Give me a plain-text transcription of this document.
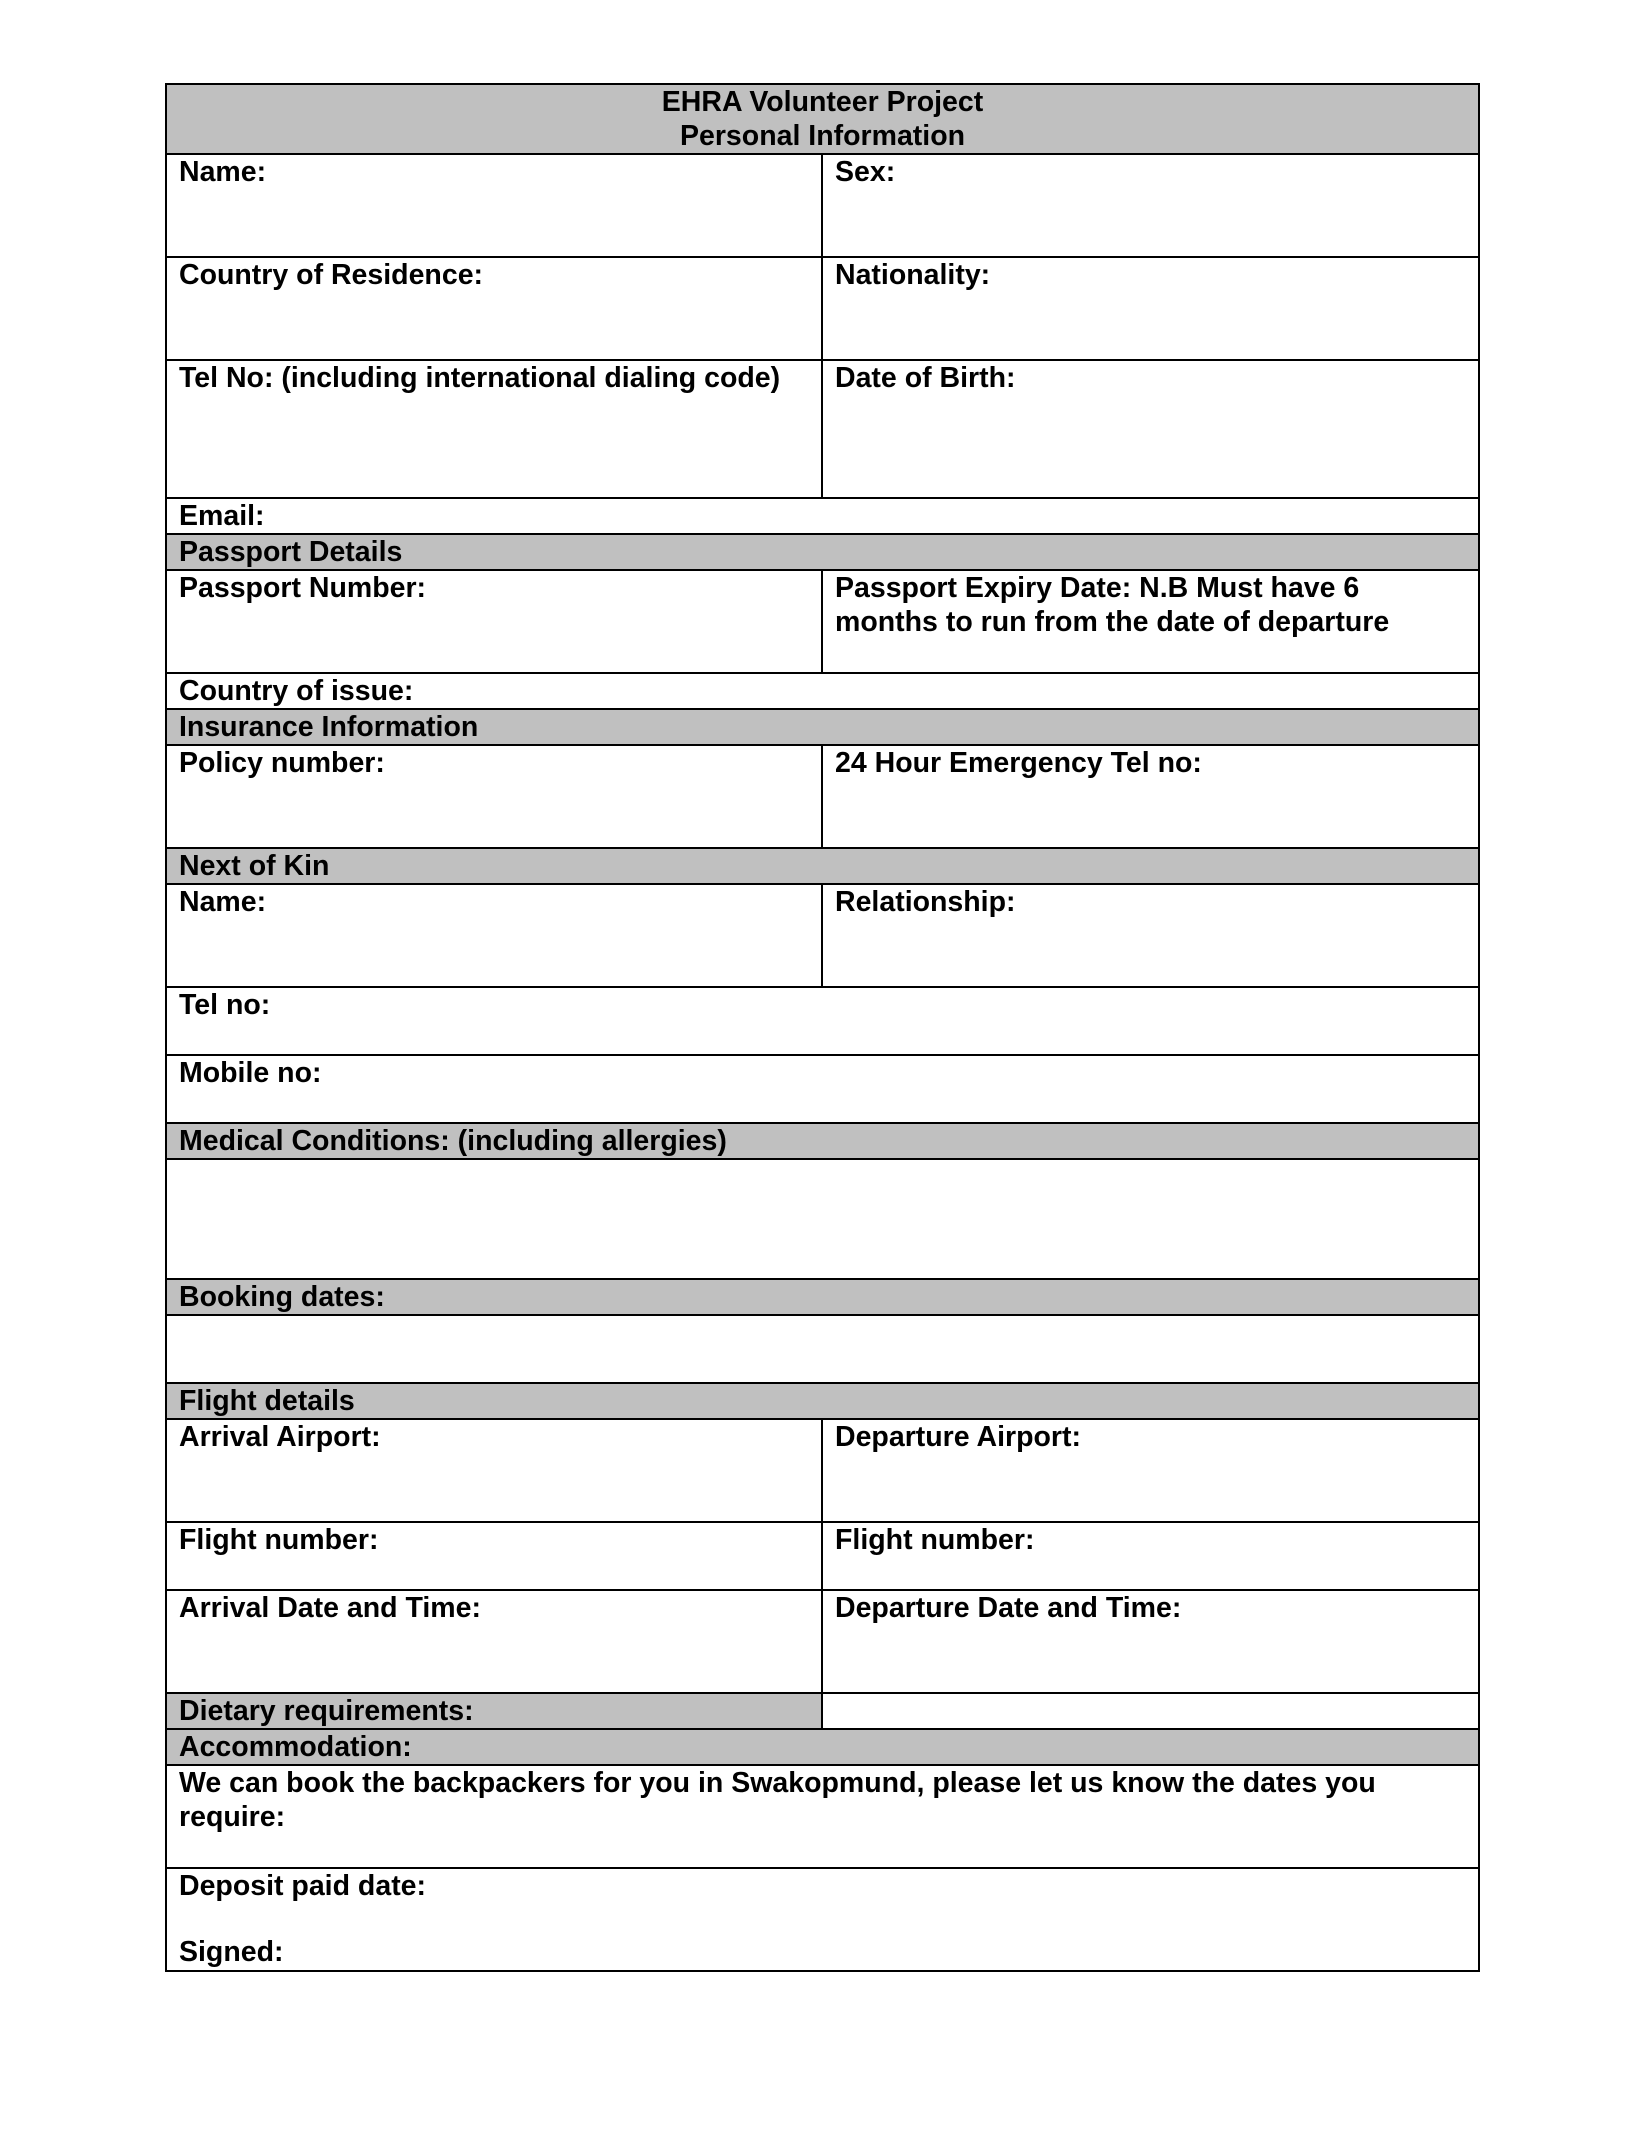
EHRA Volunteer Project
Personal Information	

Name:	Sex:
Country of Residence:	Nationality:
Tel No: (including international dialing code)	Date of Birth:
Email:	
Passport Details	
Passport Number:	Passport Expiry Date: N.B Must have 6 months to run from the date of departure
Country of issue:	
Insurance Information	
Policy number:	24 Hour Emergency Tel no:
Next of Kin	
Name:	Relationship:
Tel no:	
Mobile no:	
Medical Conditions: (including allergies)	

Booking dates:	

Flight details	
Arrival Airport:	Departure Airport:
Flight number:	Flight number:
Arrival Date and Time:	Departure Date and Time:
Dietary requirements:	
Accommodation:	
We can book the backpackers for you in Swakopmund, please let us know the dates you require:	
Deposit paid date:
Signed:	
